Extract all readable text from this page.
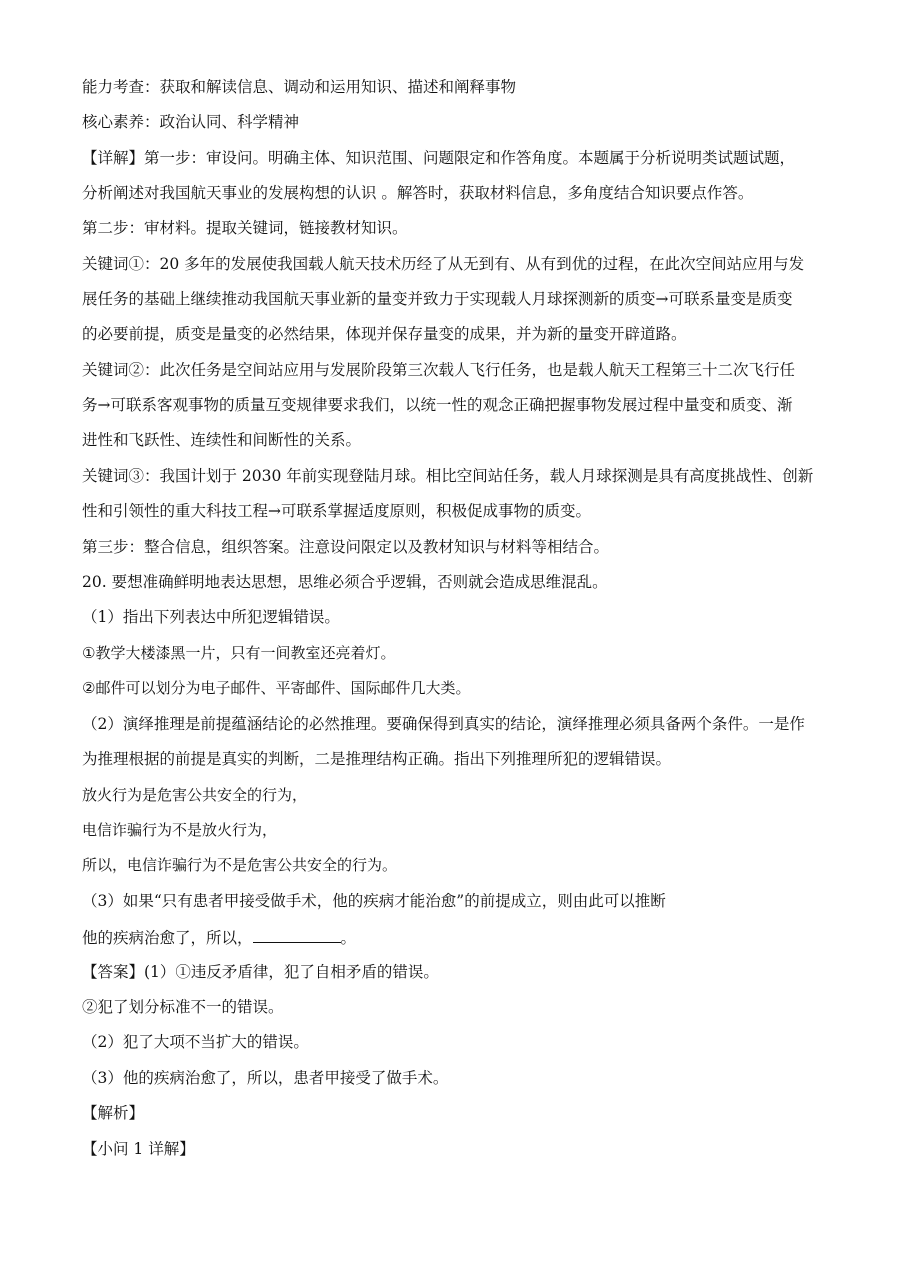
能力考查：获取和解读信息、调动和运用知识、描述和阐释事物
核心素养：政治认同、科学精神
【详解】第一步：审设问。明确主体、知识范围、问题限定和作答角度。本题属于分析说明类试题试题，
分析阐述对我国航天事业的发展构想的认识 。解答时，获取材料信息，多角度结合知识要点作答。
第二步：审材料。提取关键词，链接教材知识。
关键词①：20 多年的发展使我国载人航天技术历经了从无到有、从有到优的过程，在此次空间站应用与发
展任务的基础上继续推动我国航天事业新的量变并致力于实现载人月球探测新的质变→可联系量变是质变
的必要前提，质变是量变的必然结果，体现并保存量变的成果，并为新的量变开辟道路。
关键词②：此次任务是空间站应用与发展阶段第三次载人飞行任务，也是载人航天工程第三十二次飞行任
务→可联系客观事物的质量互变规律要求我们，以统一性的观念正确把握事物发展过程中量变和质变、渐
进性和飞跃性、连续性和间断性的关系。
关键词③：我国计划于 2030 年前实现登陆月球。相比空间站任务，载人月球探测是具有高度挑战性、创新
性和引领性的重大科技工程→可联系掌握适度原则，积极促成事物的质变。
第三步：整合信息，组织答案。注意设问限定以及教材知识与材料等相结合。
20. 要想准确鲜明地表达思想，思维必须合乎逻辑，否则就会造成思维混乱。
（1）指出下列表达中所犯逻辑错误。
①教学大楼漆黑一片，只有一间教室还亮着灯。
②邮件可以划分为电子邮件、平寄邮件、国际邮件几大类。
（2）演绎推理是前提蕴涵结论的必然推理。要确保得到真实的结论，演绎推理必须具备两个条件。一是作
为推理根据的前提是真实的判断，二是推理结构正确。指出下列推理所犯的逻辑错误。
放火行为是危害公共安全的行为，
电信诈骗行为不是放火行为，
所以，电信诈骗行为不是危害公共安全的行为。
（3）如果“只有患者甲接受做手术，他的疾病才能治愈”的前提成立，则由此可以推断
他的疾病治愈了，所以，	。
【答案】(1）①违反矛盾律，犯了自相矛盾的错误。
②犯了划分标准不一的错误。
（2）犯了大项不当扩大的错误。
（3）他的疾病治愈了，所以，患者甲接受了做手术。
【解析】
【小问 1 详解】
